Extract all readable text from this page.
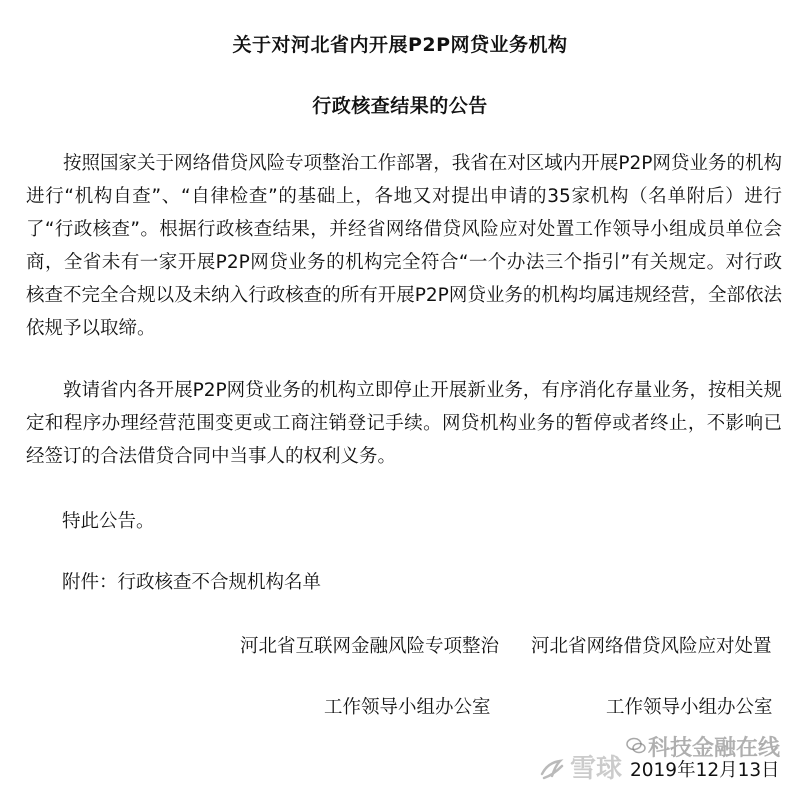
关于对河北省内开展P2P网贷业务机构
行政核查结果的公告

按照国家关于网络借贷风险专项整治工作部署，我省在对区域内开展P2P网贷业务的机构进行“机构自查”、“自律检查”的基础上，各地又对提出申请的35家机构（名单附后）进行了“行政核查”。根据行政核查结果，并经省网络借贷风险应对处置工作领导小组成员单位会商，全省未有一家开展P2P网贷业务的机构完全符合“一个办法三个指引”有关规定。对行政核查不完全合规以及未纳入行政核查的所有开展P2P网贷业务的机构均属违规经营，全部依法依规予以取缔。

敦请省内各开展P2P网贷业务的机构立即停止开展新业务，有序消化存量业务，按相关规定和程序办理经营范围变更或工商注销登记手续。网贷机构业务的暂停或者终止，不影响已经签订的合法借贷合同中当事人的权利义务。

特此公告。
附件：行政核查不合规机构名单
河北省互联网金融风险专项整治
工作领导小组办公室
河北省网络借贷风险应对处置
工作领导小组办公室
2019年12月13日
雪球
科技金融在线
